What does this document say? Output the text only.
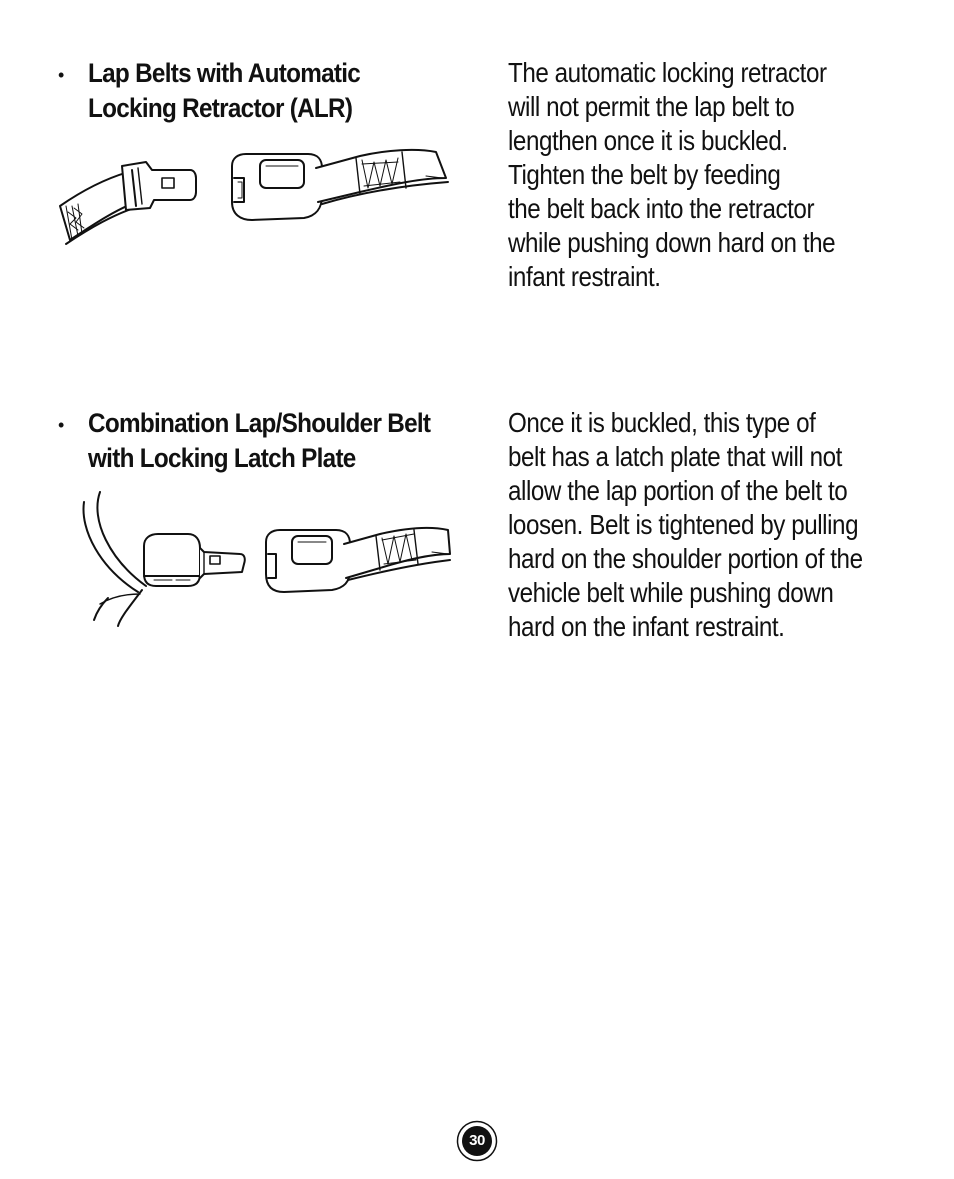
• Lap Belts with Automatic
Locking Retractor (ALR)
The automatic locking retractor
will not permit the lap belt to
lengthen once it is buckled.
Tighten the belt by feeding
the belt back into the retractor
while pushing down hard on the
infant restraint.
• Combination Lap/Shoulder Belt
with Locking Latch Plate
Once it is buckled, this type of
belt has a latch plate that will not
allow the lap portion of the belt to
loosen. Belt is tightened by pulling
hard on the shoulder portion of the
vehicle belt while pushing down
hard on the infant restraint.
30
